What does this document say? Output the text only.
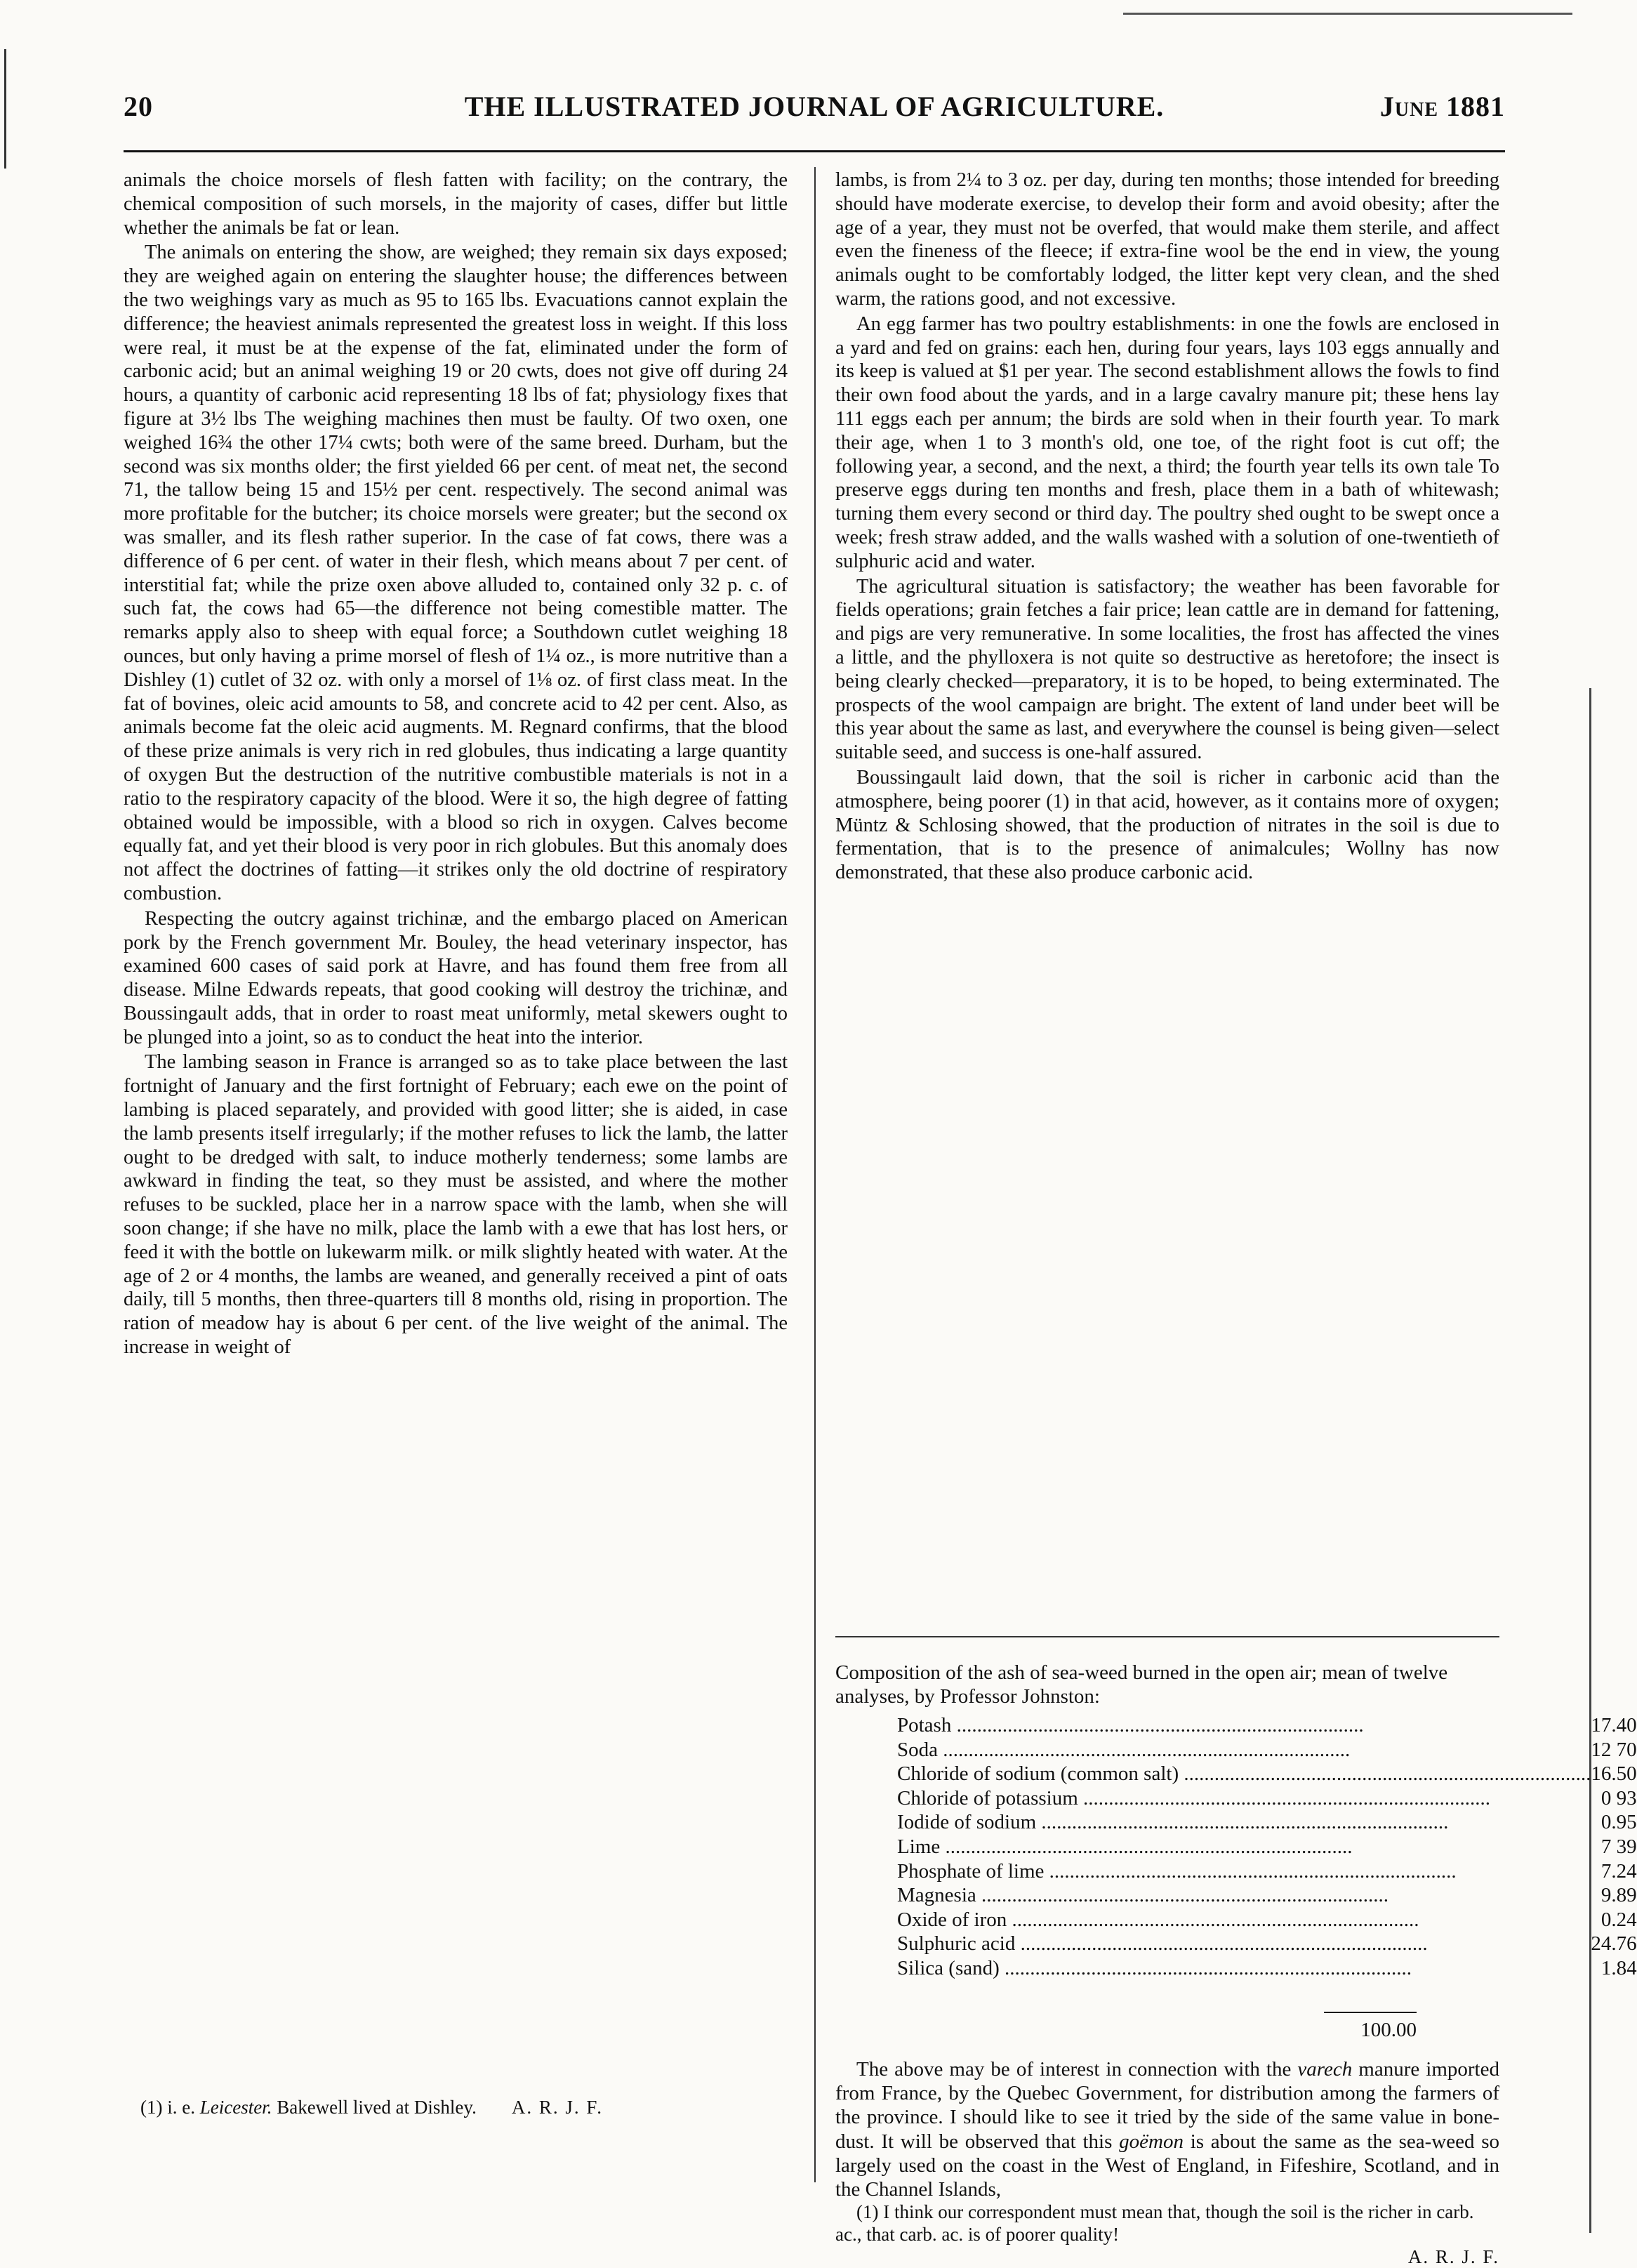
20	THE ILLUSTRATED JOURNAL OF AGRICULTURE.	June 1881

animals the choice morsels of flesh fatten with facility; on the contrary, the chemical composition of such morsels, in the majority of cases, differ but little whether the animals be fat or lean.

The animals on entering the show, are weighed; they remain six days exposed; they are weighed again on entering the slaughter house; the differences between the two weighings vary as much as 95 to 165 lbs. Evacuations cannot explain the difference; the heaviest animals represented the greatest loss in weight. If this loss were real, it must be at the expense of the fat, eliminated under the form of carbonic acid; but an animal weighing 19 or 20 cwts, does not give off during 24 hours, a quantity of carbonic acid representing 18 lbs of fat; physiology fixes that figure at 3½ lbs The weighing machines then must be faulty. Of two oxen, one weighed 16¾ the other 17¼ cwts; both were of the same breed. Durham, but the second was six months older; the first yielded 66 per cent. of meat net, the second 71, the tallow being 15 and 15½ per cent. respectively. The second animal was more profitable for the butcher; its choice morsels were greater; but the second ox was smaller, and its flesh rather superior. In the case of fat cows, there was a difference of 6 per cent. of water in their flesh, which means about 7 per cent. of interstitial fat; while the prize oxen above alluded to, contained only 32 p. c. of such fat, the cows had 65—the difference not being comestible matter. The remarks apply also to sheep with equal force; a Southdown cutlet weighing 18 ounces, but only having a prime morsel of flesh of 1¼ oz., is more nutritive than a Dishley (1) cutlet of 32 oz. with only a morsel of 1⅛ oz. of first class meat. In the fat of bovines, oleic acid amounts to 58, and concrete acid to 42 per cent. Also, as animals become fat the oleic acid augments. M. Regnard confirms, that the blood of these prize animals is very rich in red globules, thus indicating a large quantity of oxygen But the destruction of the nutritive combustible materials is not in a ratio to the respiratory capacity of the blood. Were it so, the high degree of fatting obtained would be impossible, with a blood so rich in oxygen. Calves become equally fat, and yet their blood is very poor in rich globules. But this anomaly does not affect the doctrines of fatting—it strikes only the old doctrine of respiratory combustion.

Respecting the outcry against trichinæ, and the embargo placed on American pork by the French government Mr. Bouley, the head veterinary inspector, has examined 600 cases of said pork at Havre, and has found them free from all disease. Milne Edwards repeats, that good cooking will destroy the trichinæ, and Boussingault adds, that in order to roast meat uniformly, metal skewers ought to be plunged into a joint, so as to conduct the heat into the interior.

The lambing season in France is arranged so as to take place between the last fortnight of January and the first fortnight of February; each ewe on the point of lambing is placed separately, and provided with good litter; she is aided, in case the lamb presents itself irregularly; if the mother refuses to lick the lamb, the latter ought to be dredged with salt, to induce motherly tenderness; some lambs are awkward in finding the teat, so they must be assisted, and where the mother refuses to be suckled, place her in a narrow space with the lamb, when she will soon change; if she have no milk, place the lamb with a ewe that has lost hers, or feed it with the bottle on lukewarm milk. or milk slightly heated with water. At the age of 2 or 4 months, the lambs are weaned, and generally received a pint of oats daily, till 5 months, then three-quarters till 8 months old, rising in proportion. The ration of meadow hay is about 6 per cent. of the live weight of the animal. The increase in weight of

(1) i. e. Leicester. Bakewell lived at Dishley. A. R. J. F.

lambs, is from 2¼ to 3 oz. per day, during ten months; those intended for breeding should have moderate exercise, to develop their form and avoid obesity; after the age of a year, they must not be overfed, that would make them sterile, and affect even the fineness of the fleece; if extra-fine wool be the end in view, the young animals ought to be comfortably lodged, the litter kept very clean, and the shed warm, the rations good, and not excessive.

An egg farmer has two poultry establishments: in one the fowls are enclosed in a yard and fed on grains: each hen, during four years, lays 103 eggs annually and its keep is valued at $1 per year. The second establishment allows the fowls to find their own food about the yards, and in a large cavalry manure pit; these hens lay 111 eggs each per annum; the birds are sold when in their fourth year. To mark their age, when 1 to 3 month's old, one toe, of the right foot is cut off; the following year, a second, and the next, a third; the fourth year tells its own tale To preserve eggs during ten months and fresh, place them in a bath of whitewash; turning them every second or third day. The poultry shed ought to be swept once a week; fresh straw added, and the walls washed with a solution of one-twentieth of sulphuric acid and water.

The agricultural situation is satisfactory; the weather has been favorable for fields operations; grain fetches a fair price; lean cattle are in demand for fattening, and pigs are very remunerative. In some localities, the frost has affected the vines a little, and the phylloxera is not quite so destructive as heretofore; the insect is being clearly checked—preparatory, it is to be hoped, to being exterminated. The prospects of the wool campaign are bright. The extent of land under beet will be this year about the same as last, and everywhere the counsel is being given—select suitable seed, and success is one-half assured.

Boussingault laid down, that the soil is richer in carbonic acid than the atmosphere, being poorer (1) in that acid, however, as it contains more of oxygen; Müntz & Schlosing showed, that the production of nitrates in the soil is due to fermentation, that is to the presence of animalcules; Wollny has now demonstrated, that these also produce carbonic acid.

Composition of the ash of sea-weed burned in the open air; mean of twelve analyses, by Professor Johnston:
Potash ................................................................................	17.40
Soda ................................................................................	12 70
Chloride of sodium (common salt) ................................................................................	16.50
Chloride of potassium ................................................................................	0 93
Iodide of sodium ................................................................................	0.95
Lime ................................................................................	7 39
Phosphate of lime ................................................................................	7.24
Magnesia ................................................................................	9.89
Oxide of iron ................................................................................	0.24
Sulphuric acid ................................................................................	24.76
Silica (sand) ................................................................................	1.84
100.00

The above may be of interest in connection with the varech manure imported from France, by the Quebec Government, for distribution among the farmers of the province. I should like to see it tried by the side of the same value in bone-dust. It will be observed that this goëmon is about the same as the sea-weed so largely used on the coast in the West of England, in Fifeshire, Scotland, and in the Channel Islands,

(1) I think our correspondent must mean that, though the soil is the richer in carb. ac., that carb. ac. is of poorer quality!

A. R. J. F.
